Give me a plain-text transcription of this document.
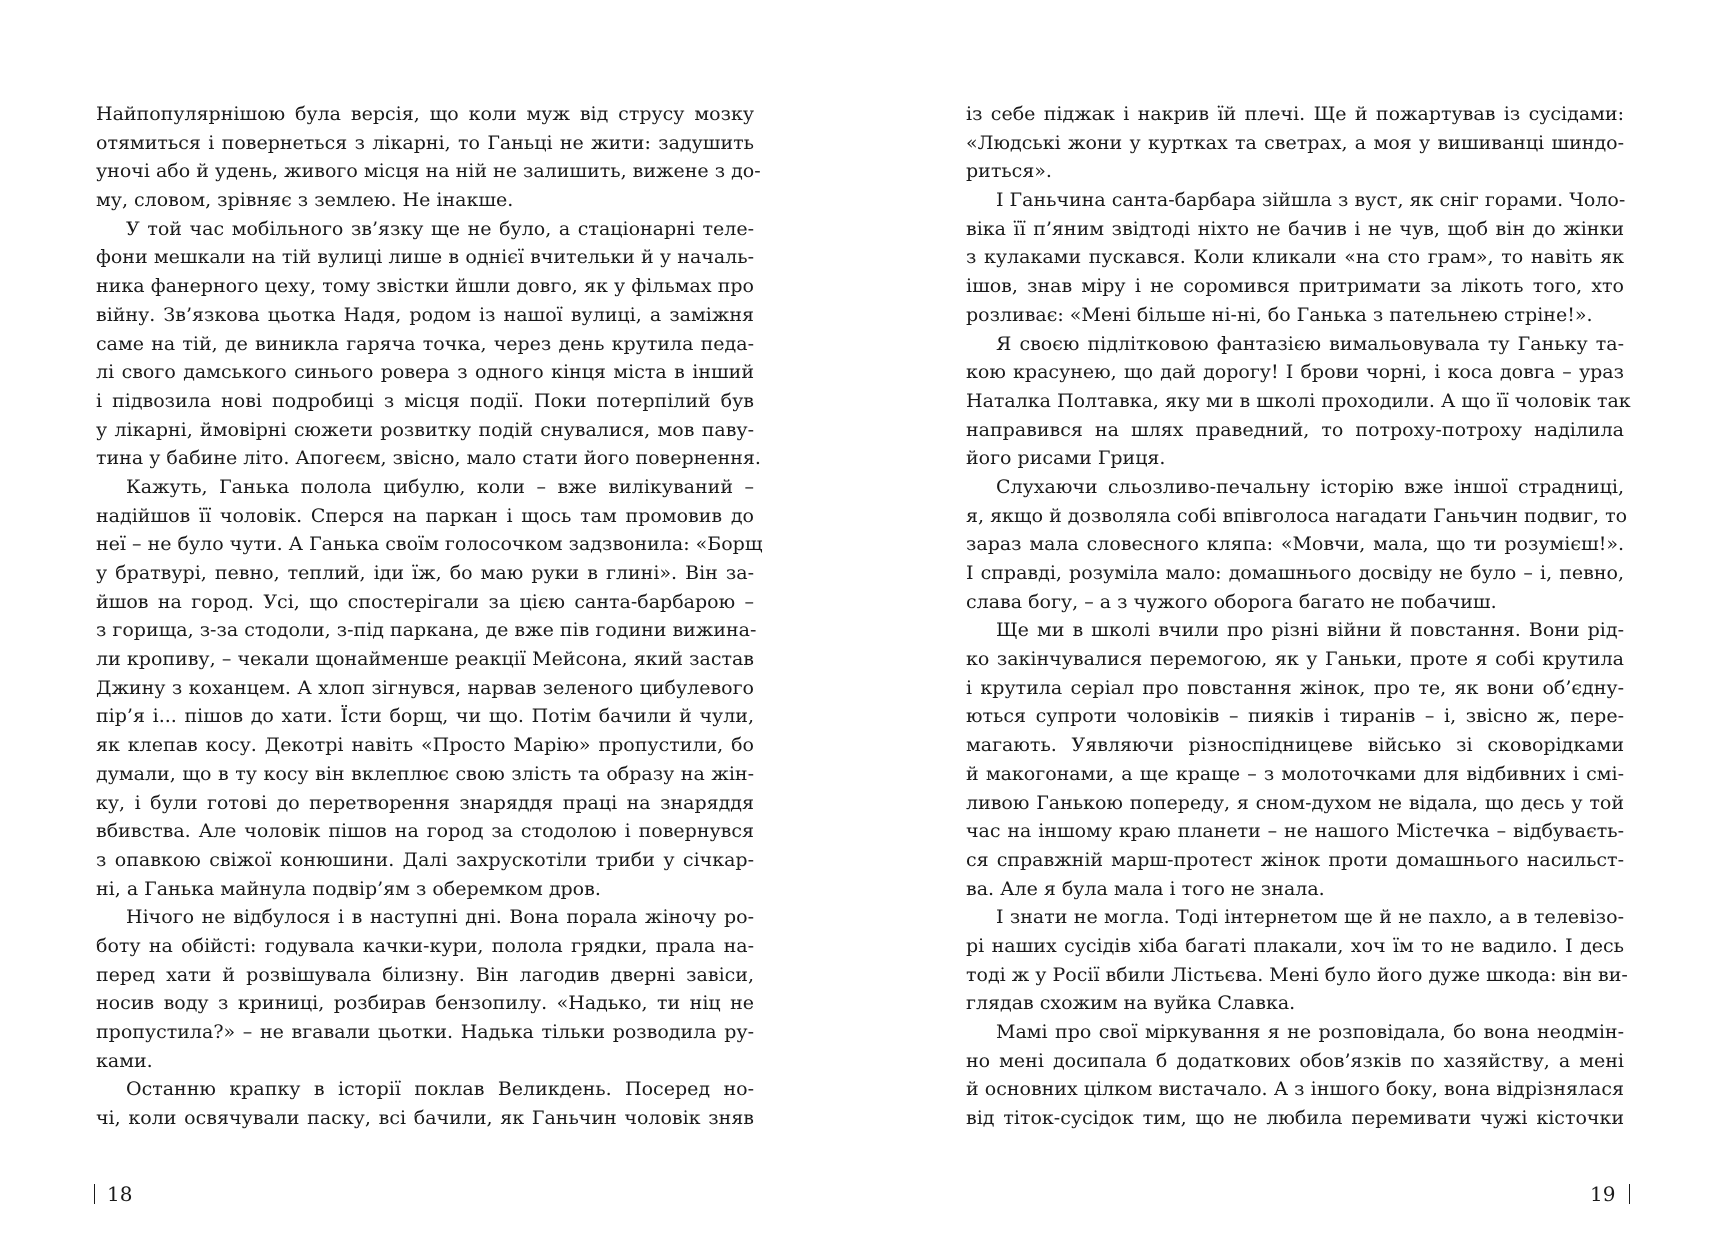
Найпопулярнішою була версія, що коли муж від струсу мозку
отямиться і повернеться з лікарні, то Ганьці не жити: задушить
уночі або й удень, живого місця на ній не залишить, вижене з до-
му, словом, зрівняє з землею. Не інакше.
У той час мобільного зв’язку ще не було, а стаціонарні теле-
фони мешкали на тій вулиці лише в однієї вчительки й у началь-
ника фанерного цеху, тому звістки йшли довго, як у фільмах про
війну. Зв’язкова цьотка Надя, родом із нашої вулиці, а заміжня
саме на тій, де виникла гаряча точка, через день крутила педа-
лі свого дамського синього ровера з одного кінця міста в інший
і підвозила нові подробиці з місця події. Поки потерпілий був
у лікарні, ймовірні сюжети розвитку подій снувалися, мов паву-
тина у бабине літо. Апогеєм, звісно, мало стати його повернення.
Кажуть, Ганька полола цибулю, коли – вже вилікуваний –
надійшов її чоловік. Сперся на паркан і щось там промовив до
неї – не було чути. А Ганька своїм голосочком задзвонила: «Борщ
у братвурі, певно, теплий, іди їж, бо маю руки в глині». Він за-
йшов на город. Усі, що спостерігали за цією санта-барбарою –
з горища, з-за стодоли, з-під паркана, де вже пів години вижина-
ли кропиву, – чекали щонайменше реакції Мейсона, який застав
Джину з коханцем. А хлоп зігнувся, нарвав зеленого цибулевого
пір’я і... пішов до хати. Їсти борщ, чи що. Потім бачили й чули,
як клепав косу. Декотрі навіть «Просто Марію» пропустили, бо
думали, що в ту косу він вклеплює свою злість та образу на жін-
ку, і були готові до перетворення знаряддя праці на знаряддя
вбивства. Але чоловік пішов на город за стодолою і повернувся
з опавкою свіжої конюшини. Далі захрускотіли триби у січкар-
ні, а Ганька майнула подвір’ям з оберемком дров.
Нічого не відбулося і в наступні дні. Вона порала жіночу ро-
боту на обійсті: годувала качки-кури, полола грядки, прала на-
перед хати й розвішувала білизну. Він лагодив дверні завіси,
носив воду з криниці, розбирав бензопилу. «Надько, ти ніц не
пропустила?» – не вгавали цьотки. Надька тільки розводила ру-
ками.
Останню крапку в історії поклав Великдень. Посеред но-
чі, коли освячували паску, всі бачили, як Ганьчин чоловік зняв
із себе піджак і накрив їй плечі. Ще й пожартував із сусідами:
«Людські жони у куртках та светрах, а моя у вишиванці шиндо-
риться».
І Ганьчина санта-барбара зійшла з вуст, як сніг горами. Чоло-
віка її п’яним звідтоді ніхто не бачив і не чув, щоб він до жінки
з кулаками пускався. Коли кликали «на сто грам», то навіть як
ішов, знав міру і не соромився притримати за лікоть того, хто
розливає: «Мені більше ні-ні, бо Ганька з пательнею стріне!».
Я своєю підлітковою фантазією вимальовувала ту Ганьку та-
кою красунею, що дай дорогу! І брови чорні, і коса довга – ураз
Наталка Полтавка, яку ми в школі проходили. А що її чоловік так
направився на шлях праведний, то потроху-потроху наділила
його рисами Гриця.
Слухаючи сльозливо-печальну історію вже іншої страдниці,
я, якщо й дозволяла собі впівголоса нагадати Ганьчин подвиг, то
зараз мала словесного кляпа: «Мовчи, мала, що ти розумієш!».
І справді, розуміла мало: домашнього досвіду не було – і, певно,
слава богу, – а з чужого оборога багато не побачиш.
Ще ми в школі вчили про різні війни й повстання. Вони рід-
ко закінчувалися перемогою, як у Ганьки, проте я собі крутила
і крутила серіал про повстання жінок, про те, як вони об’єдну-
ються супроти чоловіків – пияків і тиранів – і, звісно ж, пере-
магають. Уявляючи різноспідницеве військо зі сковорідками
й макогонами, а ще краще – з молоточками для відбивних і смі-
ливою Ганькою попереду, я сном-духом не відала, що десь у той
час на іншому краю планети – не нашого Містечка – відбуваєть-
ся справжній марш-протест жінок проти домашнього насильст-
ва. Але я була мала і того не знала.
І знати не могла. Тоді інтернетом ще й не пахло, а в телевізо-
рі наших сусідів хіба багаті плакали, хоч їм то не вадило. І десь
тоді ж у Росії вбили Лістьєва. Мені було його дуже шкода: він ви-
глядав схожим на вуйка Славка.
Мамі про свої міркування я не розповідала, бо вона неодмін-
но мені досипала б додаткових обов’язків по хазяйству, а мені
й основних цілком вистачало. А з іншого боку, вона відрізнялася
від тіток-сусідок тим, що не любила перемивати чужі кісточки
18	19
